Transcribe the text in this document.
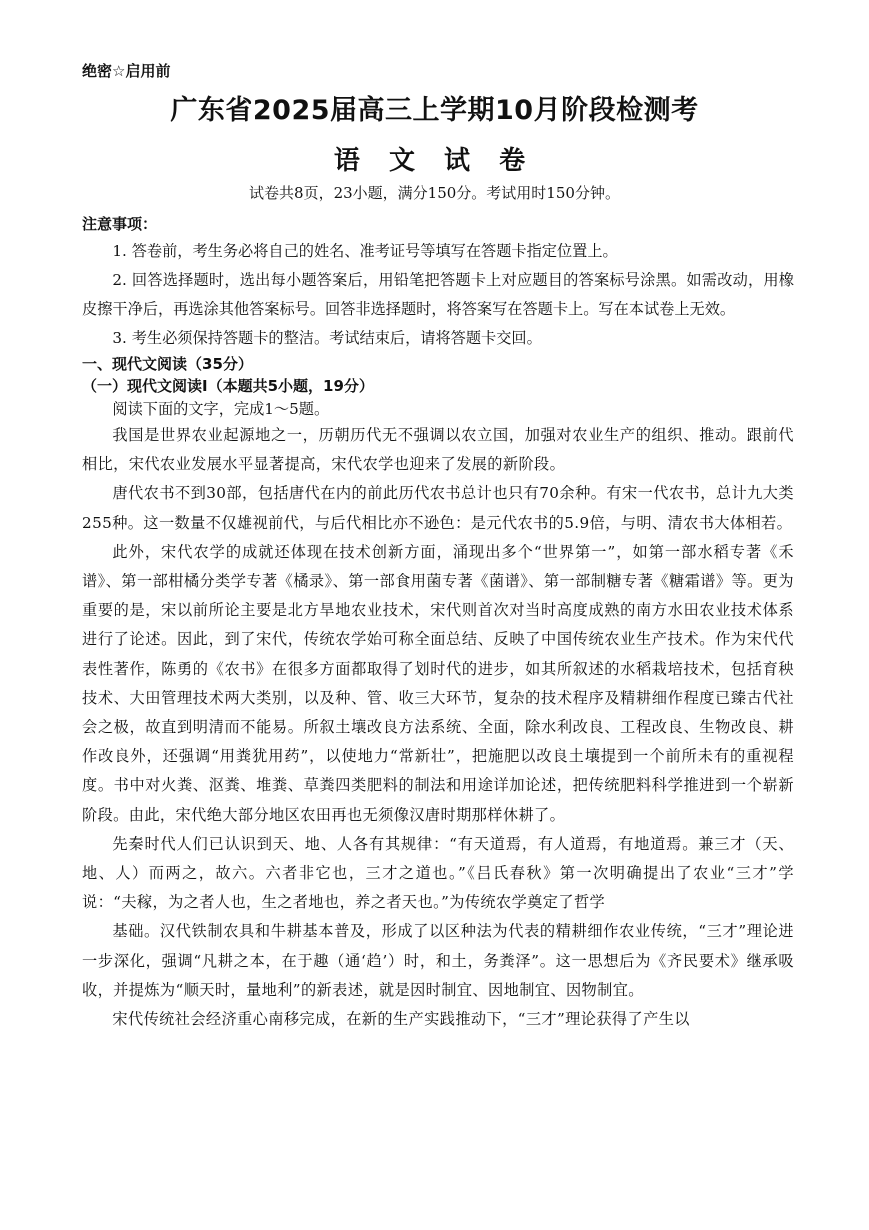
绝密☆启用前
广东省2025届高三上学期10月阶段检测考
语 文 试 卷
试卷共8页，23小题，满分150分。考试用时150分钟。

注意事项：

1. 答卷前，考生务必将自己的姓名、准考证号等填写在答题卡指定位置上。

2. 回答选择题时，选出每小题答案后，用铅笔把答题卡上对应题目的答案标号涂黑。如需改动，用橡皮擦干净后，再选涂其他答案标号。回答非选择题时，将答案写在答题卡上。写在本试卷上无效。

3. 考生必须保持答题卡的整洁。考试结束后，请将答题卡交回。

一、现代文阅读（35分）

（一）现代文阅读Ⅰ（本题共5小题，19分）

阅读下面的文字，完成1～5题。

我国是世界农业起源地之一，历朝历代无不强调以农立国，加强对农业生产的组织、推动。跟前代相比，宋代农业发展水平显著提高，宋代农学也迎来了发展的新阶段。

唐代农书不到30部，包括唐代在内的前此历代农书总计也只有70余种。有宋一代农书，总计九大类255种。这一数量不仅雄视前代，与后代相比亦不逊色：是元代农书的5.9倍，与明、清农书大体相若。

此外，宋代农学的成就还体现在技术创新方面，涌现出多个“世界第一”，如第一部水稻专著《禾谱》、第一部柑橘分类学专著《橘录》、第一部食用菌专著《菌谱》、第一部制糖专著《糖霜谱》等。更为重要的是，宋以前所论主要是北方旱地农业技术，宋代则首次对当时高度成熟的南方水田农业技术体系进行了论述。因此，到了宋代，传统农学始可称全面总结、反映了中国传统农业生产技术。作为宋代代表性著作，陈勇的《农书》在很多方面都取得了划时代的进步，如其所叙述的水稻栽培技术，包括育秧技术、大田管理技术两大类别，以及种、管、收三大环节，复杂的技术程序及精耕细作程度已臻古代社会之极，故直到明清而不能易。所叙土壤改良方法系统、全面，除水利改良、工程改良、生物改良、耕作改良外，还强调“用粪犹用药”，以使地力“常新壮”，把施肥以改良土壤提到一个前所未有的重视程度。书中对火粪、沤粪、堆粪、草粪四类肥料的制法和用途详加论述，把传统肥料科学推进到一个崭新阶段。由此，宋代绝大部分地区农田再也无须像汉唐时期那样休耕了。

先秦时代人们已认识到天、地、人各有其规律：“有天道焉，有人道焉，有地道焉。兼三才（天、地、人）而两之，故六。六者非它也，三才之道也。”《吕氏春秋》第一次明确提出了农业“三才”学说：“夫稼，为之者人也，生之者地也，养之者天也。”为传统农学奠定了哲学

基础。汉代铁制农具和牛耕基本普及，形成了以区种法为代表的精耕细作农业传统，“三才”理论进一步深化，强调“凡耕之本，在于趣（通‘趋’）时，和土，务粪泽”。这一思想后为《齐民要术》继承吸收，并提炼为“顺天时，量地利”的新表述，就是因时制宜、因地制宜、因物制宜。

宋代传统社会经济重心南移完成，在新的生产实践推动下，“三才”理论获得了产生以
